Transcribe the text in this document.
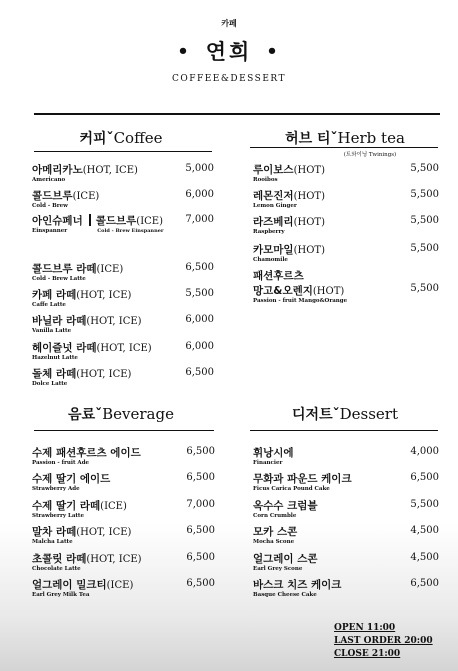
카페
• 연희 •
COFFEE&DESSERT
커피ˇCoffee
아메리카노(HOT, ICE)
Americano
5,000
콜드브루(ICE)
Cold - Brew
6,000
아인슈페너 콜드브루(ICE)
Einspanner	Cold - Brew Einspanner
7,000
콜드브루 라떼(ICE)
Cold - Brew Latte
6,500
카페 라떼(HOT, ICE)
Caffe Latte
5,500
바닐라 라떼(HOT, ICE)
Vanilla Latte
6,000
헤이즐넛 라떼(HOT, ICE)
Hazelnut Latte
6,000
돌체 라떼(HOT, ICE)
Dolce Latte
6,500
허브 티ˇHerb tea
(트와이닝 Twinings)
루이보스(HOT)
Rooibos
5,500
레몬진저(HOT)
Lemon Ginger
5,500
라즈베리(HOT)
Raspberry
5,500
카모마일(HOT)
Chamomile
5,500
패션후르츠
망고&오렌지(HOT)
Passion - fruit Mango&Orange
5,500
음료ˇBeverage
수제 패션후르츠 에이드
Passion - fruit Ade
6,500
수제 딸기 에이드
Strawberry Ade
6,500
수제 딸기 라떼(ICE)
Strawberry Latte
7,000
말차 라떼(HOT, ICE)
Malcha Latte
6,500
초콜릿 라떼(HOT, ICE)
Chocolate Latte
6,500
얼그레이 밀크티(ICE)
Earl Grey Milk Tea
6,500
디저트ˇDessert
휘낭시에
Financier
4,000
무화과 파운드 케이크
Ficus Carica Pound Cake
6,500
옥수수 크럼블
Corn Crumble
5,500
모카 스콘
Mocha Scone
4,500
얼그레이 스콘
Earl Grey Scone
4,500
바스크 치즈 케이크
Basque Cheese Cake
6,500
OPEN 11:00
LAST ORDER 20:00
CLOSE 21:00
